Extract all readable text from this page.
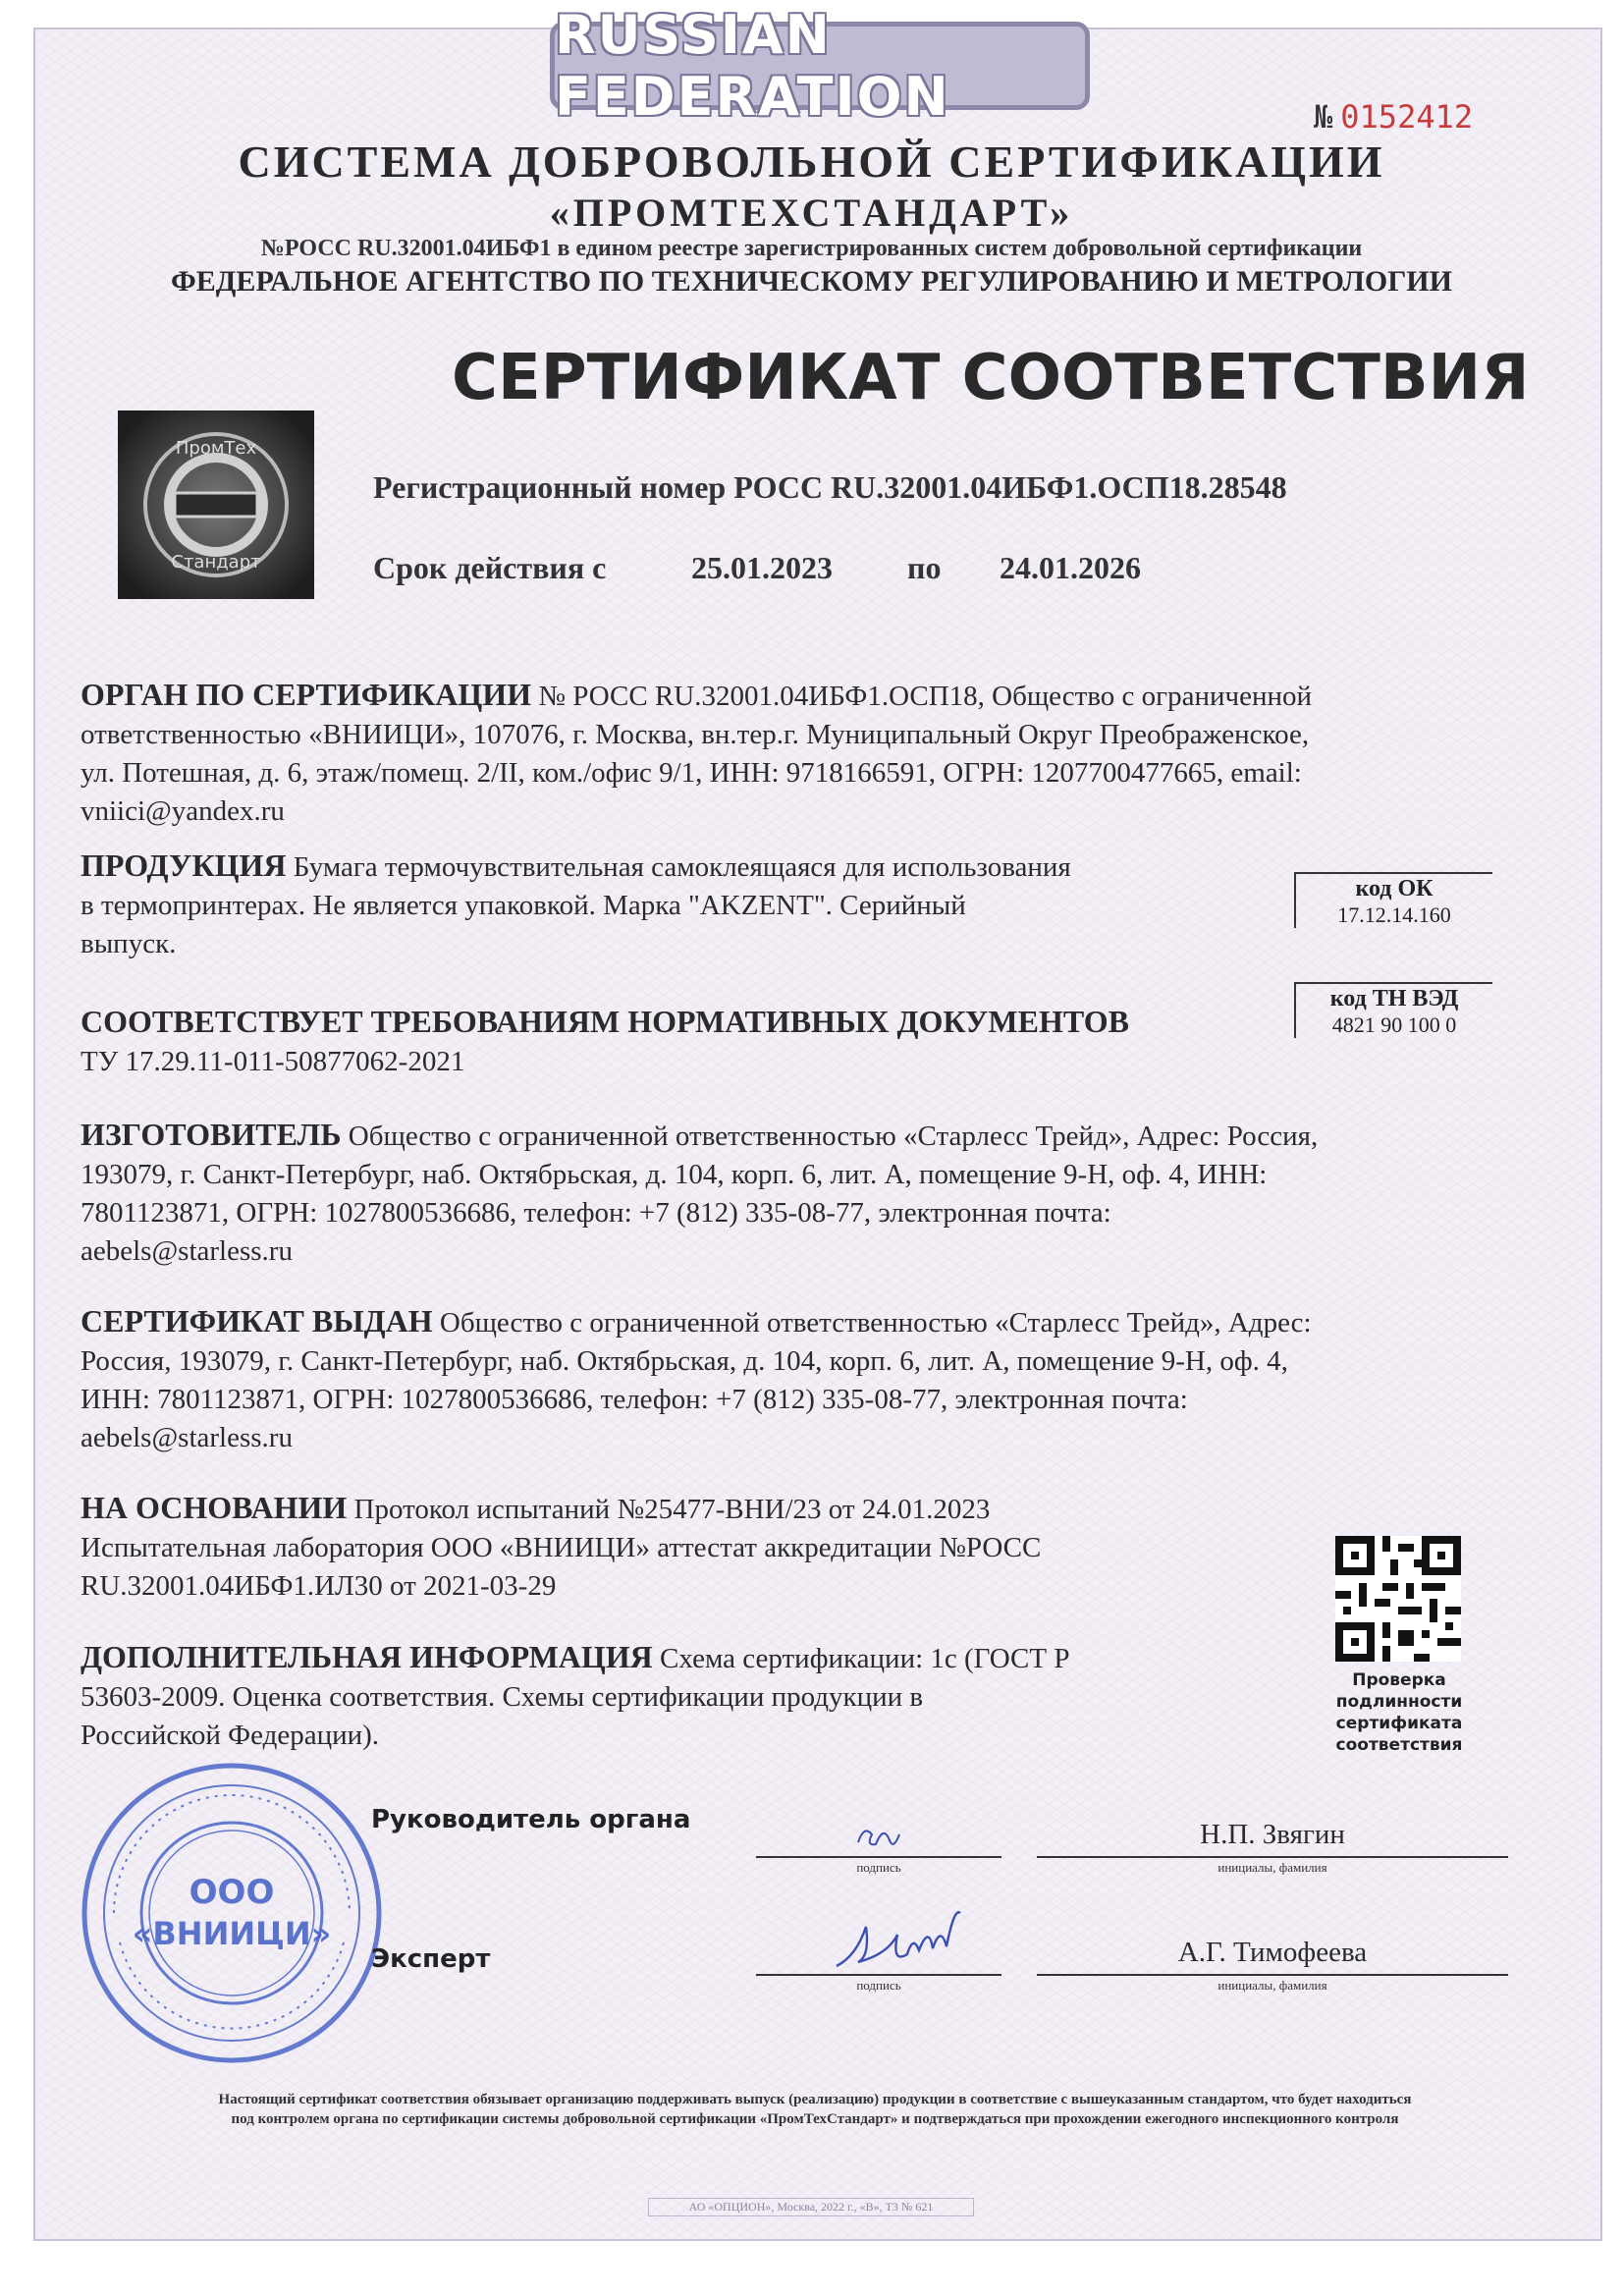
RUSSIAN FEDERATION	№ 0152412
СИСТЕМА ДОБРОВОЛЬНОЙ СЕРТИФИКАЦИИ
«ПРОМТЕХСТАНДАРТ»
№РОСС RU.32001.04ИБФ1 в едином реестре зарегистрированных систем добровольной сертификации
ФЕДЕРАЛЬНОЕ АГЕНТСТВО ПО ТЕХНИЧЕСКОМУ РЕГУЛИРОВАНИЮ И МЕТРОЛОГИИ
СЕРТИФИКАТ СООТВЕТСТВИЯ
ПромТех
Стандарт
Регистрационный номер РОСС RU.32001.04ИБФ1.ОСП18.28548
Срок действия с	25.01.2023 по 24.01.2026
ОРГАН ПО СЕРТИФИКАЦИИ № РОСС RU.32001.04ИБФ1.ОСП18, Общество с ограниченной
ответственностью «ВНИИЦИ», 107076, г. Москва, вн.тер.г. Муниципальный Округ Преображенское,
ул. Потешная, д. 6, этаж/помещ. 2/II, ком./офис 9/1, ИНН: 9718166591, ОГРН: 1207700477665, email:
vniici@yandex.ru
ПРОДУКЦИЯ Бумага термочувствительная самоклеящаяся для использования
в термопринтерах. Не является упаковкой. Марка "AKZENT". Серийный
выпуск.
код ОК
17.12.14.160
код ТН ВЭД
4821 90 100 0
СООТВЕТСТВУЕТ ТРЕБОВАНИЯМ НОРМАТИВНЫХ ДОКУМЕНТОВ
ТУ 17.29.11-011-50877062-2021
ИЗГОТОВИТЕЛЬ Общество с ограниченной ответственностью «Старлесс Трейд», Адрес: Россия,
193079, г. Санкт-Петербург, наб. Октябрьская, д. 104, корп. 6, лит. А, помещение 9-Н, оф. 4, ИНН:
7801123871, ОГРН: 1027800536686, телефон: +7 (812) 335-08-77, электронная почта:
aebels@starless.ru
СЕРТИФИКАТ ВЫДАН Общество с ограниченной ответственностью «Старлесс Трейд», Адрес:
Россия, 193079, г. Санкт-Петербург, наб. Октябрьская, д. 104, корп. 6, лит. А, помещение 9-Н, оф. 4,
ИНН: 7801123871, ОГРН: 1027800536686, телефон: +7 (812) 335-08-77, электронная почта:
aebels@starless.ru
НА ОСНОВАНИИ Протокол испытаний №25477-ВНИ/23 от 24.01.2023
Испытательная лаборатория ООО «ВНИИЦИ» аттестат аккредитации №РОСС
RU.32001.04ИБФ1.ИЛ30 от 2021-03-29
ДОПОЛНИТЕЛЬНАЯ ИНФОРМАЦИЯ Схема сертификации: 1с (ГОСТ Р
53603-2009. Оценка соответствия. Схемы сертификации продукции в
Российской Федерации).
Проверка
подлинности
сертификата
соответствия
ООО
«ВНИИЦИ»
Руководитель органа
подпись
Н.П. Звягин
инициалы, фамилия
Эксперт
подпись
А.Г. Тимофеева
инициалы, фамилия
Настоящий сертификат соответствия обязывает организацию поддерживать выпуск (реализацию) продукции в соответствие с вышеуказанным стандартом, что будет находиться
под контролем органа по сертификации системы добровольной сертификации «ПромТехСтандарт» и подтверждаться при прохождении ежегодного инспекционного контроля
АО «ОПЦИОН», Москва, 2022 г., «В», Т3 № 621
